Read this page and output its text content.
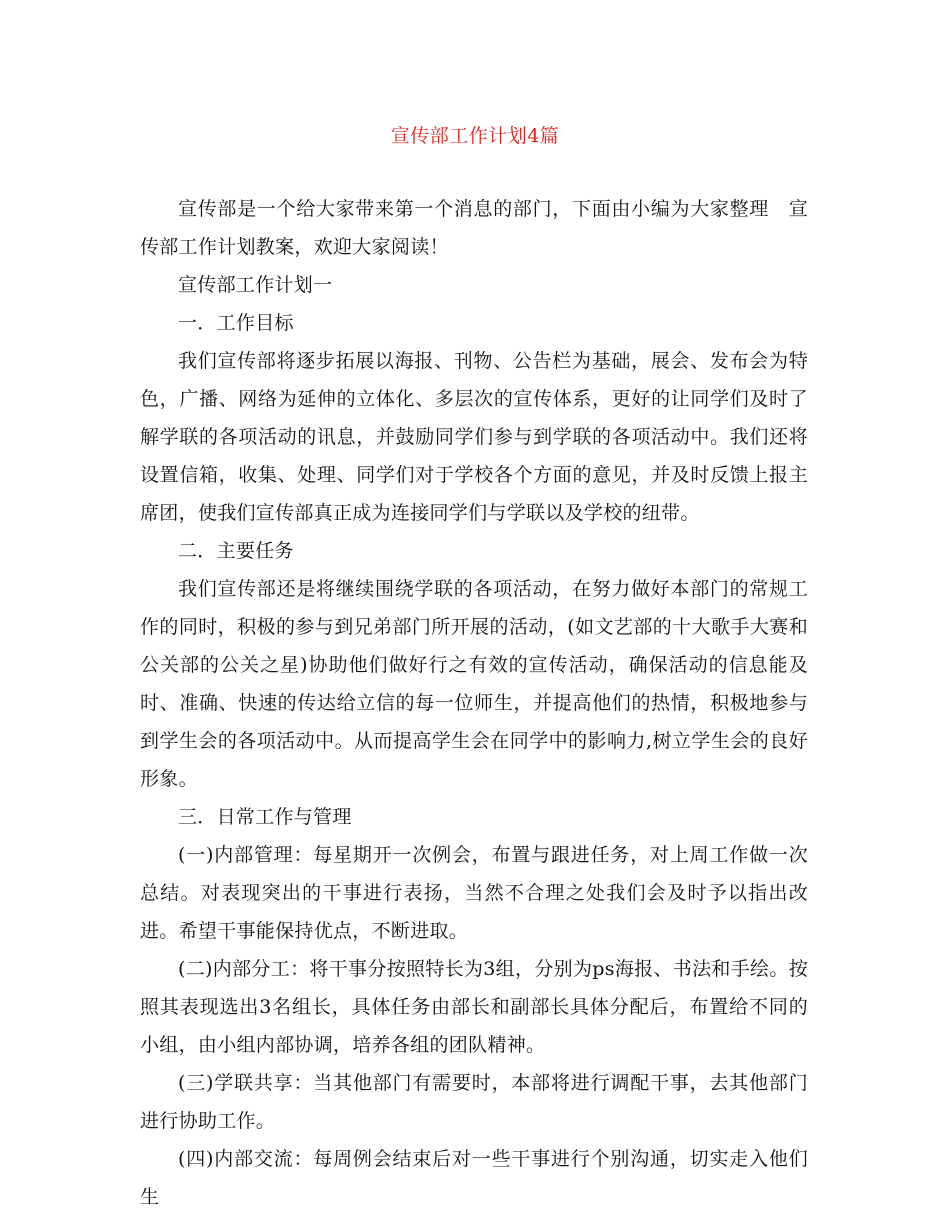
宣传部工作计划4篇

宣传部是一个给大家带来第一个消息的部门，下面由小编为大家整理　宣传部工作计划教案，欢迎大家阅读！

宣传部工作计划一

一．工作目标

我们宣传部将逐步拓展以海报、刊物、公告栏为基础，展会、发布会为特色，广播、网络为延伸的立体化、多层次的宣传体系，更好的让同学们及时了解学联的各项活动的讯息，并鼓励同学们参与到学联的各项活动中。我们还将设置信箱，收集、处理、同学们对于学校各个方面的意见，并及时反馈上报主席团，使我们宣传部真正成为连接同学们与学联以及学校的纽带。

二．主要任务

我们宣传部还是将继续围绕学联的各项活动，在努力做好本部门的常规工作的同时，积极的参与到兄弟部门所开展的活动，(如文艺部的十大歌手大赛和公关部的公关之星)协助他们做好行之有效的宣传活动，确保活动的信息能及时、准确、快速的传达给立信的每一位师生，并提高他们的热情，积极地参与到学生会的各项活动中。从而提高学生会在同学中的影响力,树立学生会的良好形象。

三．日常工作与管理

(一)内部管理：每星期开一次例会，布置与跟进任务，对上周工作做一次总结。对表现突出的干事进行表扬，当然不合理之处我们会及时予以指出改进。希望干事能保持优点，不断进取。

(二)内部分工：将干事分按照特长为3组，分别为ps海报、书法和手绘。按照其表现选出3名组长，具体任务由部长和副部长具体分配后，布置给不同的小组，由小组内部协调，培养各组的团队精神。

(三)学联共享：当其他部门有需要时，本部将进行调配干事，去其他部门进行协助工作。

(四)内部交流：每周例会结束后对一些干事进行个别沟通，切实走入他们生
